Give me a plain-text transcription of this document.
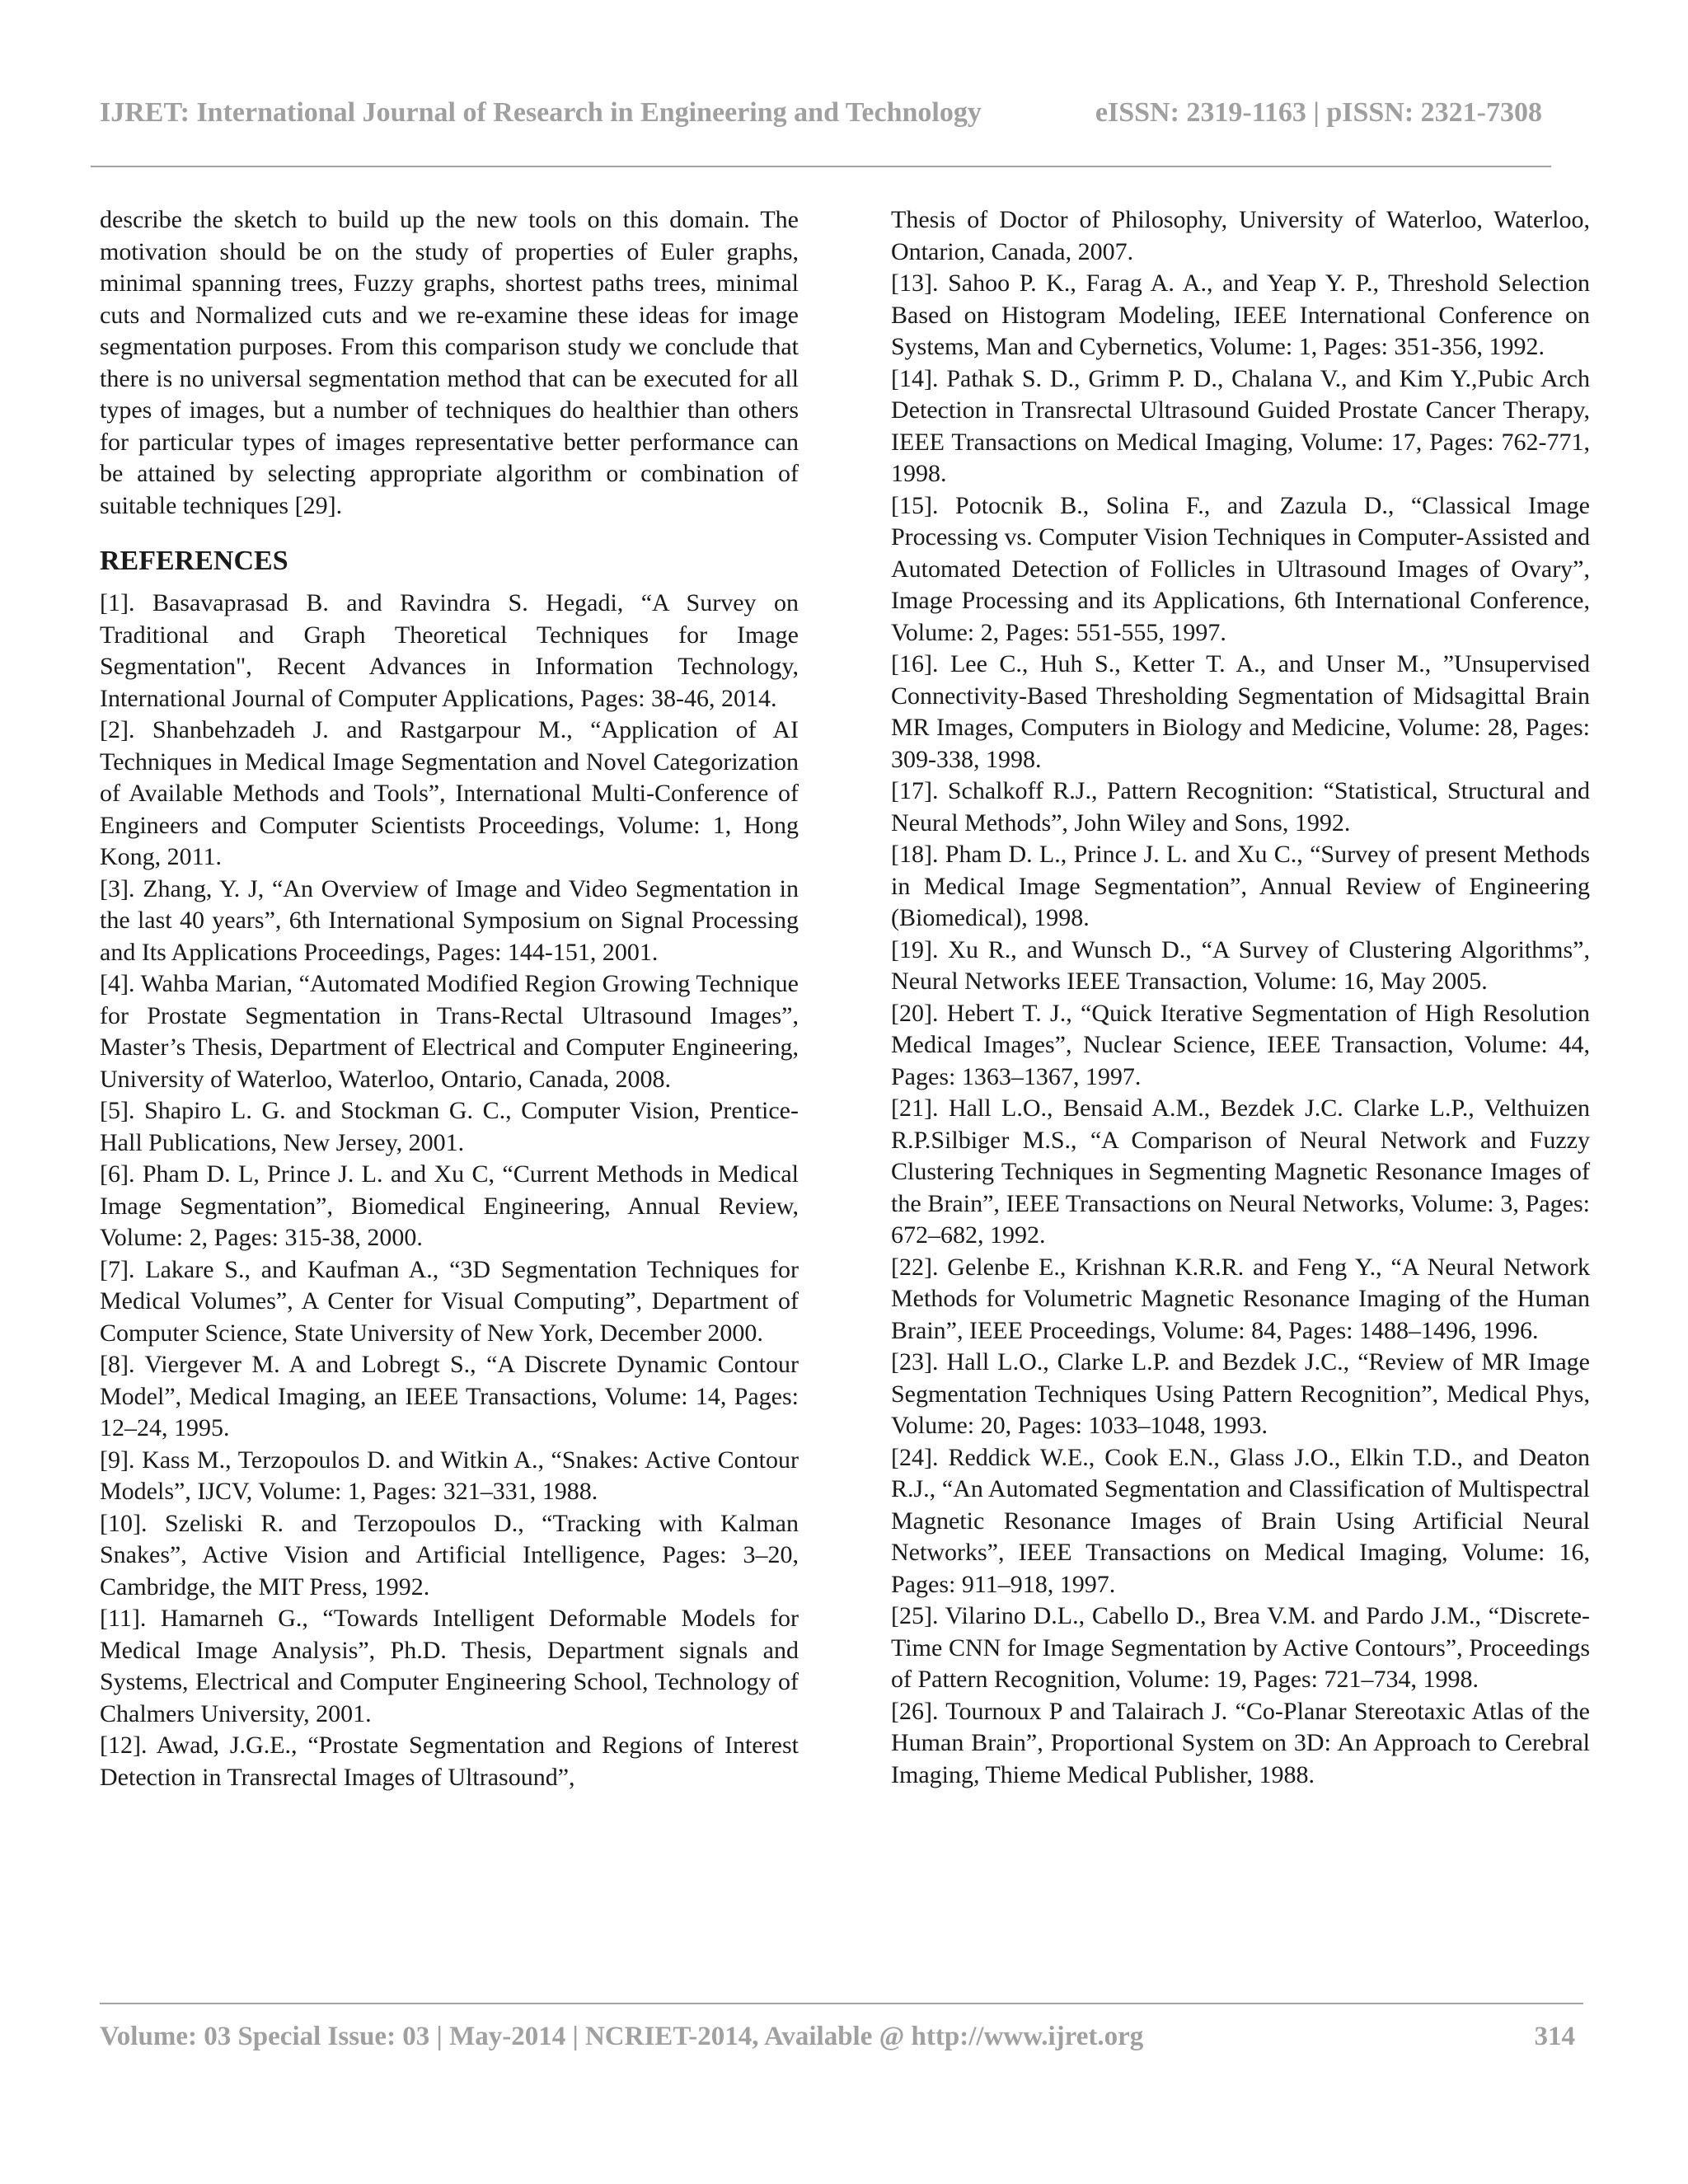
IJRET: International Journal of Research in Engineering and Technology	eISSN: 2319-1163 | pISSN: 2321-7308

describe the sketch to build up the new tools on this domain. The motivation should be on the study of properties of Euler graphs, minimal spanning trees, Fuzzy graphs, shortest paths trees, minimal cuts and Normalized cuts and we re-examine these ideas for image segmentation purposes. From this comparison study we conclude that there is no universal segmentation method that can be executed for all types of images, but a number of techniques do healthier than others for particular types of images representative better performance can be attained by selecting appropriate algorithm or combination of suitable techniques [29].

REFERENCES

[1]. Basavaprasad B. and Ravindra S. Hegadi, “A Survey on Traditional and Graph Theoretical Techniques for Image Segmentation", Recent Advances in Information Technology, International Journal of Computer Applications, Pages: 38-46, 2014.

[2]. Shanbehzadeh J. and Rastgarpour M., “Application of AI Techniques in Medical Image Segmentation and Novel Categorization of Available Methods and Tools”, International Multi-Conference of Engineers and Computer Scientists Proceedings, Volume: 1, Hong Kong, 2011.

[3]. Zhang, Y. J, “An Overview of Image and Video Segmentation in the last 40 years”, 6th International Symposium on Signal Processing and Its Applications Proceedings, Pages: 144-151, 2001.

[4]. Wahba Marian, “Automated Modified Region Growing Technique for Prostate Segmentation in Trans-Rectal Ultrasound Images”, Master’s Thesis, Department of Electrical and Computer Engineering, University of Waterloo, Waterloo, Ontario, Canada, 2008.

[5]. Shapiro L. G. and Stockman G. C., Computer Vision, Prentice-Hall Publications, New Jersey, 2001.

[6]. Pham D. L, Prince J. L. and Xu C, “Current Methods in Medical Image Segmentation”, Biomedical Engineering, Annual Review, Volume: 2, Pages: 315-38, 2000.

[7]. Lakare S., and Kaufman A., “3D Segmentation Techniques for Medical Volumes”, A Center for Visual Computing”, Department of Computer Science, State University of New York, December 2000.

[8]. Viergever M. A and Lobregt S., “A Discrete Dynamic Contour Model”, Medical Imaging, an IEEE Transactions, Volume: 14, Pages: 12–24, 1995.

[9]. Kass M., Terzopoulos D. and Witkin A., “Snakes: Active Contour Models”, IJCV, Volume: 1, Pages: 321–331, 1988.

[10]. Szeliski R. and Terzopoulos D., “Tracking with Kalman Snakes”, Active Vision and Artificial Intelligence, Pages: 3–20, Cambridge, the MIT Press, 1992.

[11]. Hamarneh G., “Towards Intelligent Deformable Models for Medical Image Analysis”, Ph.D. Thesis, Department signals and Systems, Electrical and Computer Engineering School, Technology of Chalmers University, 2001.

[12]. Awad, J.G.E., “Prostate Segmentation and Regions of Interest Detection in Transrectal Images of Ultrasound”,

Thesis of Doctor of Philosophy, University of Waterloo, Waterloo, Ontarion, Canada, 2007.

[13]. Sahoo P. K., Farag A. A., and Yeap Y. P., Threshold Selection Based on Histogram Modeling, IEEE International Conference on Systems, Man and Cybernetics, Volume: 1, Pages: 351-356, 1992.

[14]. Pathak S. D., Grimm P. D., Chalana V., and Kim Y.,Pubic Arch Detection in Transrectal Ultrasound Guided Prostate Cancer Therapy, IEEE Transactions on Medical Imaging, Volume: 17, Pages: 762-771, 1998.

[15]. Potocnik B., Solina F., and Zazula D., “Classical Image Processing vs. Computer Vision Techniques in Computer-Assisted and Automated Detection of Follicles in Ultrasound Images of Ovary”, Image Processing and its Applications, 6th International Conference, Volume: 2, Pages: 551-555, 1997.

[16]. Lee C., Huh S., Ketter T. A., and Unser M., ”Unsupervised Connectivity-Based Thresholding Segmentation of Midsagittal Brain MR Images, Computers in Biology and Medicine, Volume: 28, Pages: 309-338, 1998.

[17]. Schalkoff R.J., Pattern Recognition: “Statistical, Structural and Neural Methods”, John Wiley and Sons, 1992.

[18]. Pham D. L., Prince J. L. and Xu C., “Survey of present Methods in Medical Image Segmentation”, Annual Review of Engineering (Biomedical), 1998.

[19]. Xu R., and Wunsch D., “A Survey of Clustering Algorithms”, Neural Networks IEEE Transaction, Volume: 16, May 2005.

[20]. Hebert T. J., “Quick Iterative Segmentation of High Resolution Medical Images”, Nuclear Science, IEEE Transaction, Volume: 44, Pages: 1363–1367, 1997.

[21]. Hall L.O., Bensaid A.M., Bezdek J.C. Clarke L.P., Velthuizen R.P.Silbiger M.S., “A Comparison of Neural Network and Fuzzy Clustering Techniques in Segmenting Magnetic Resonance Images of the Brain”, IEEE Transactions on Neural Networks, Volume: 3, Pages: 672–682, 1992.

[22]. Gelenbe E., Krishnan K.R.R. and Feng Y., “A Neural Network Methods for Volumetric Magnetic Resonance Imaging of the Human Brain”, IEEE Proceedings, Volume: 84, Pages: 1488–1496, 1996.

[23]. Hall L.O., Clarke L.P. and Bezdek J.C., “Review of MR Image Segmentation Techniques Using Pattern Recognition”, Medical Phys, Volume: 20, Pages: 1033–1048, 1993.

[24]. Reddick W.E., Cook E.N., Glass J.O., Elkin T.D., and Deaton R.J., “An Automated Segmentation and Classification of Multispectral Magnetic Resonance Images of Brain Using Artificial Neural Networks”, IEEE Transactions on Medical Imaging, Volume: 16, Pages: 911–918, 1997.

[25]. Vilarino D.L., Cabello D., Brea V.M. and Pardo J.M., “Discrete-Time CNN for Image Segmentation by Active Contours”, Proceedings of Pattern Recognition, Volume: 19, Pages: 721–734, 1998.

[26]. Tournoux P and Talairach J. “Co-Planar Stereotaxic Atlas of the Human Brain”, Proportional System on 3D: An Approach to Cerebral Imaging, Thieme Medical Publisher, 1988.

Volume: 03 Special Issue: 03 | May-2014 | NCRIET-2014, Available @ http://www.ijret.org	314
